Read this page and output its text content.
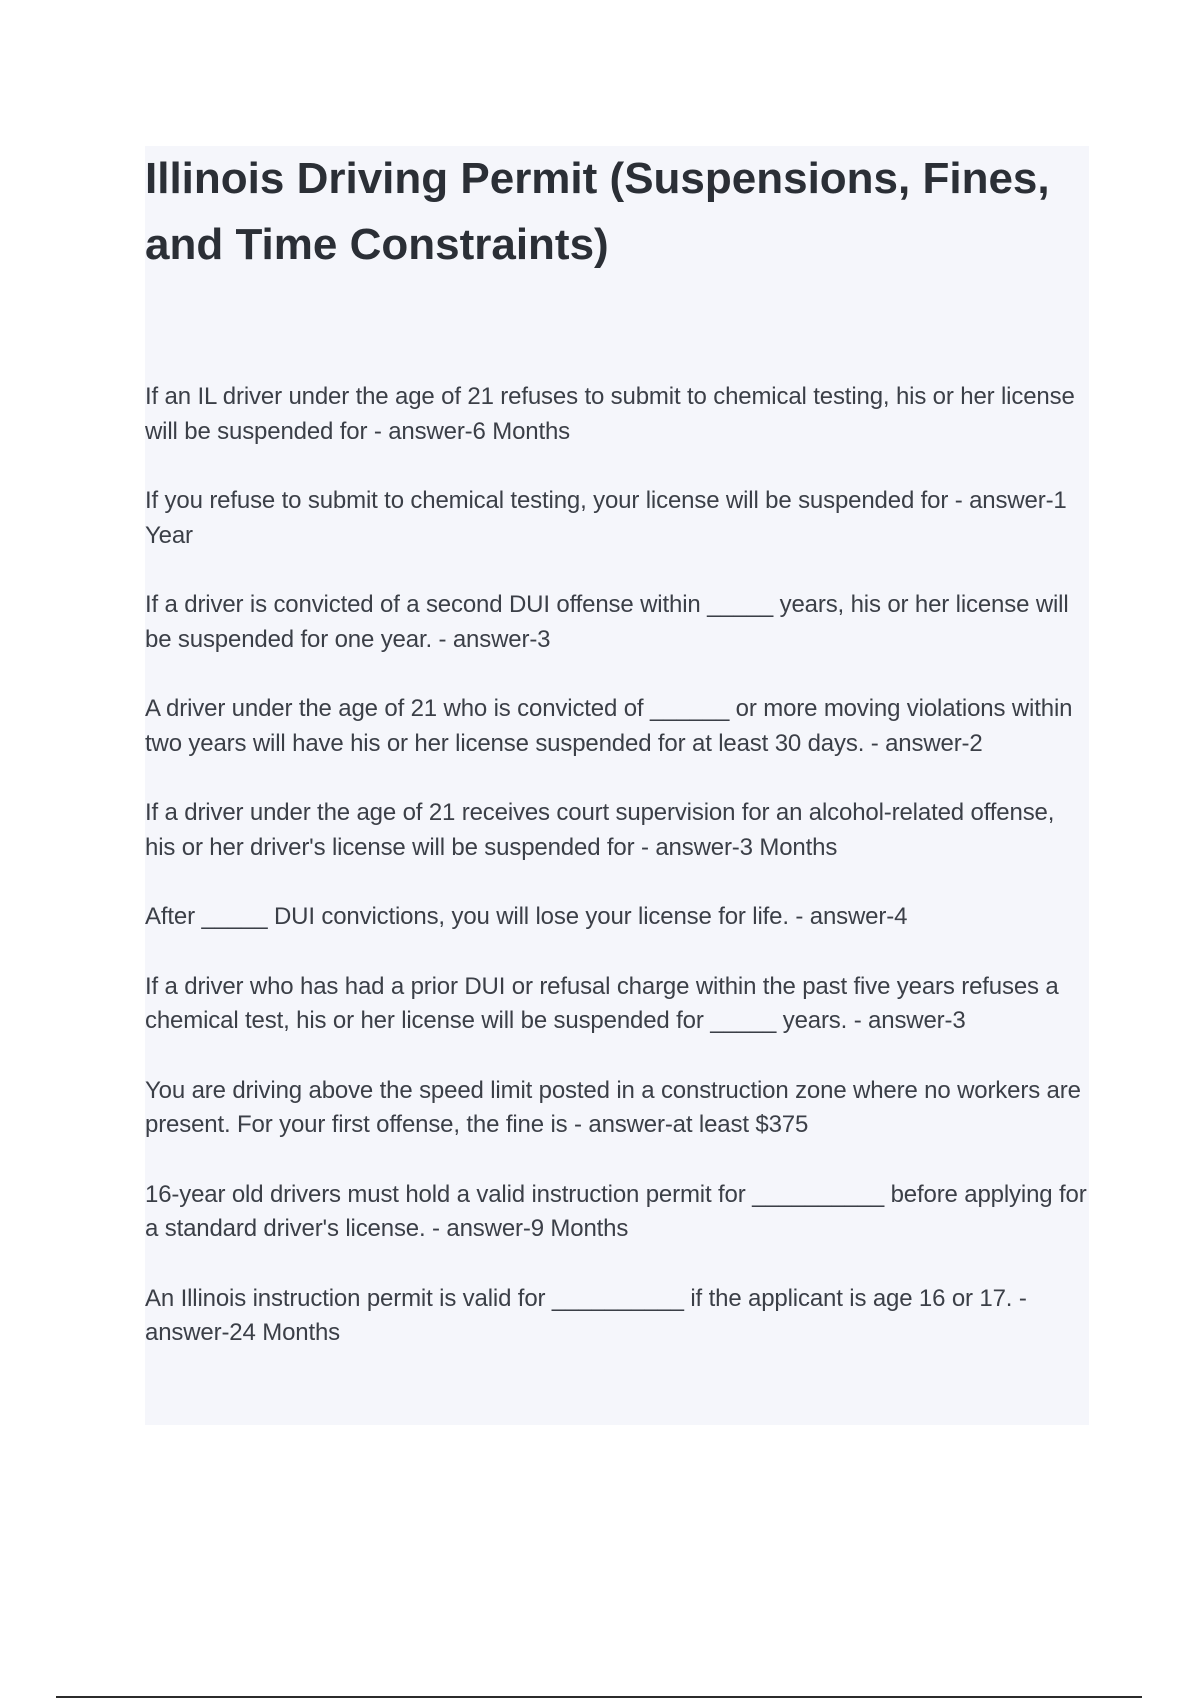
Illinois Driving Permit (Suspensions, Fines, and Time Constraints)

If an IL driver under the age of 21 refuses to submit to chemical testing, his or her license will be suspended for - answer-6 Months

If you refuse to submit to chemical testing, your license will be suspended for - answer-1 Year

If a driver is convicted of a second DUI offense within _____ years, his or her license will be suspended for one year. - answer-3

A driver under the age of 21 who is convicted of ______ or more moving violations within two years will have his or her license suspended for at least 30 days. - answer-2

If a driver under the age of 21 receives court supervision for an alcohol-related offense, his or her driver's license will be suspended for - answer-3 Months

After _____ DUI convictions, you will lose your license for life. - answer-4

If a driver who has had a prior DUI or refusal charge within the past five years refuses a chemical test, his or her license will be suspended for _____ years. - answer-3

You are driving above the speed limit posted in a construction zone where no workers are present. For your first offense, the fine is - answer-at least $375

16-year old drivers must hold a valid instruction permit for __________ before applying for a standard driver's license. - answer-9 Months

An Illinois instruction permit is valid for __________ if the applicant is age 16 or 17. - answer-24 Months
